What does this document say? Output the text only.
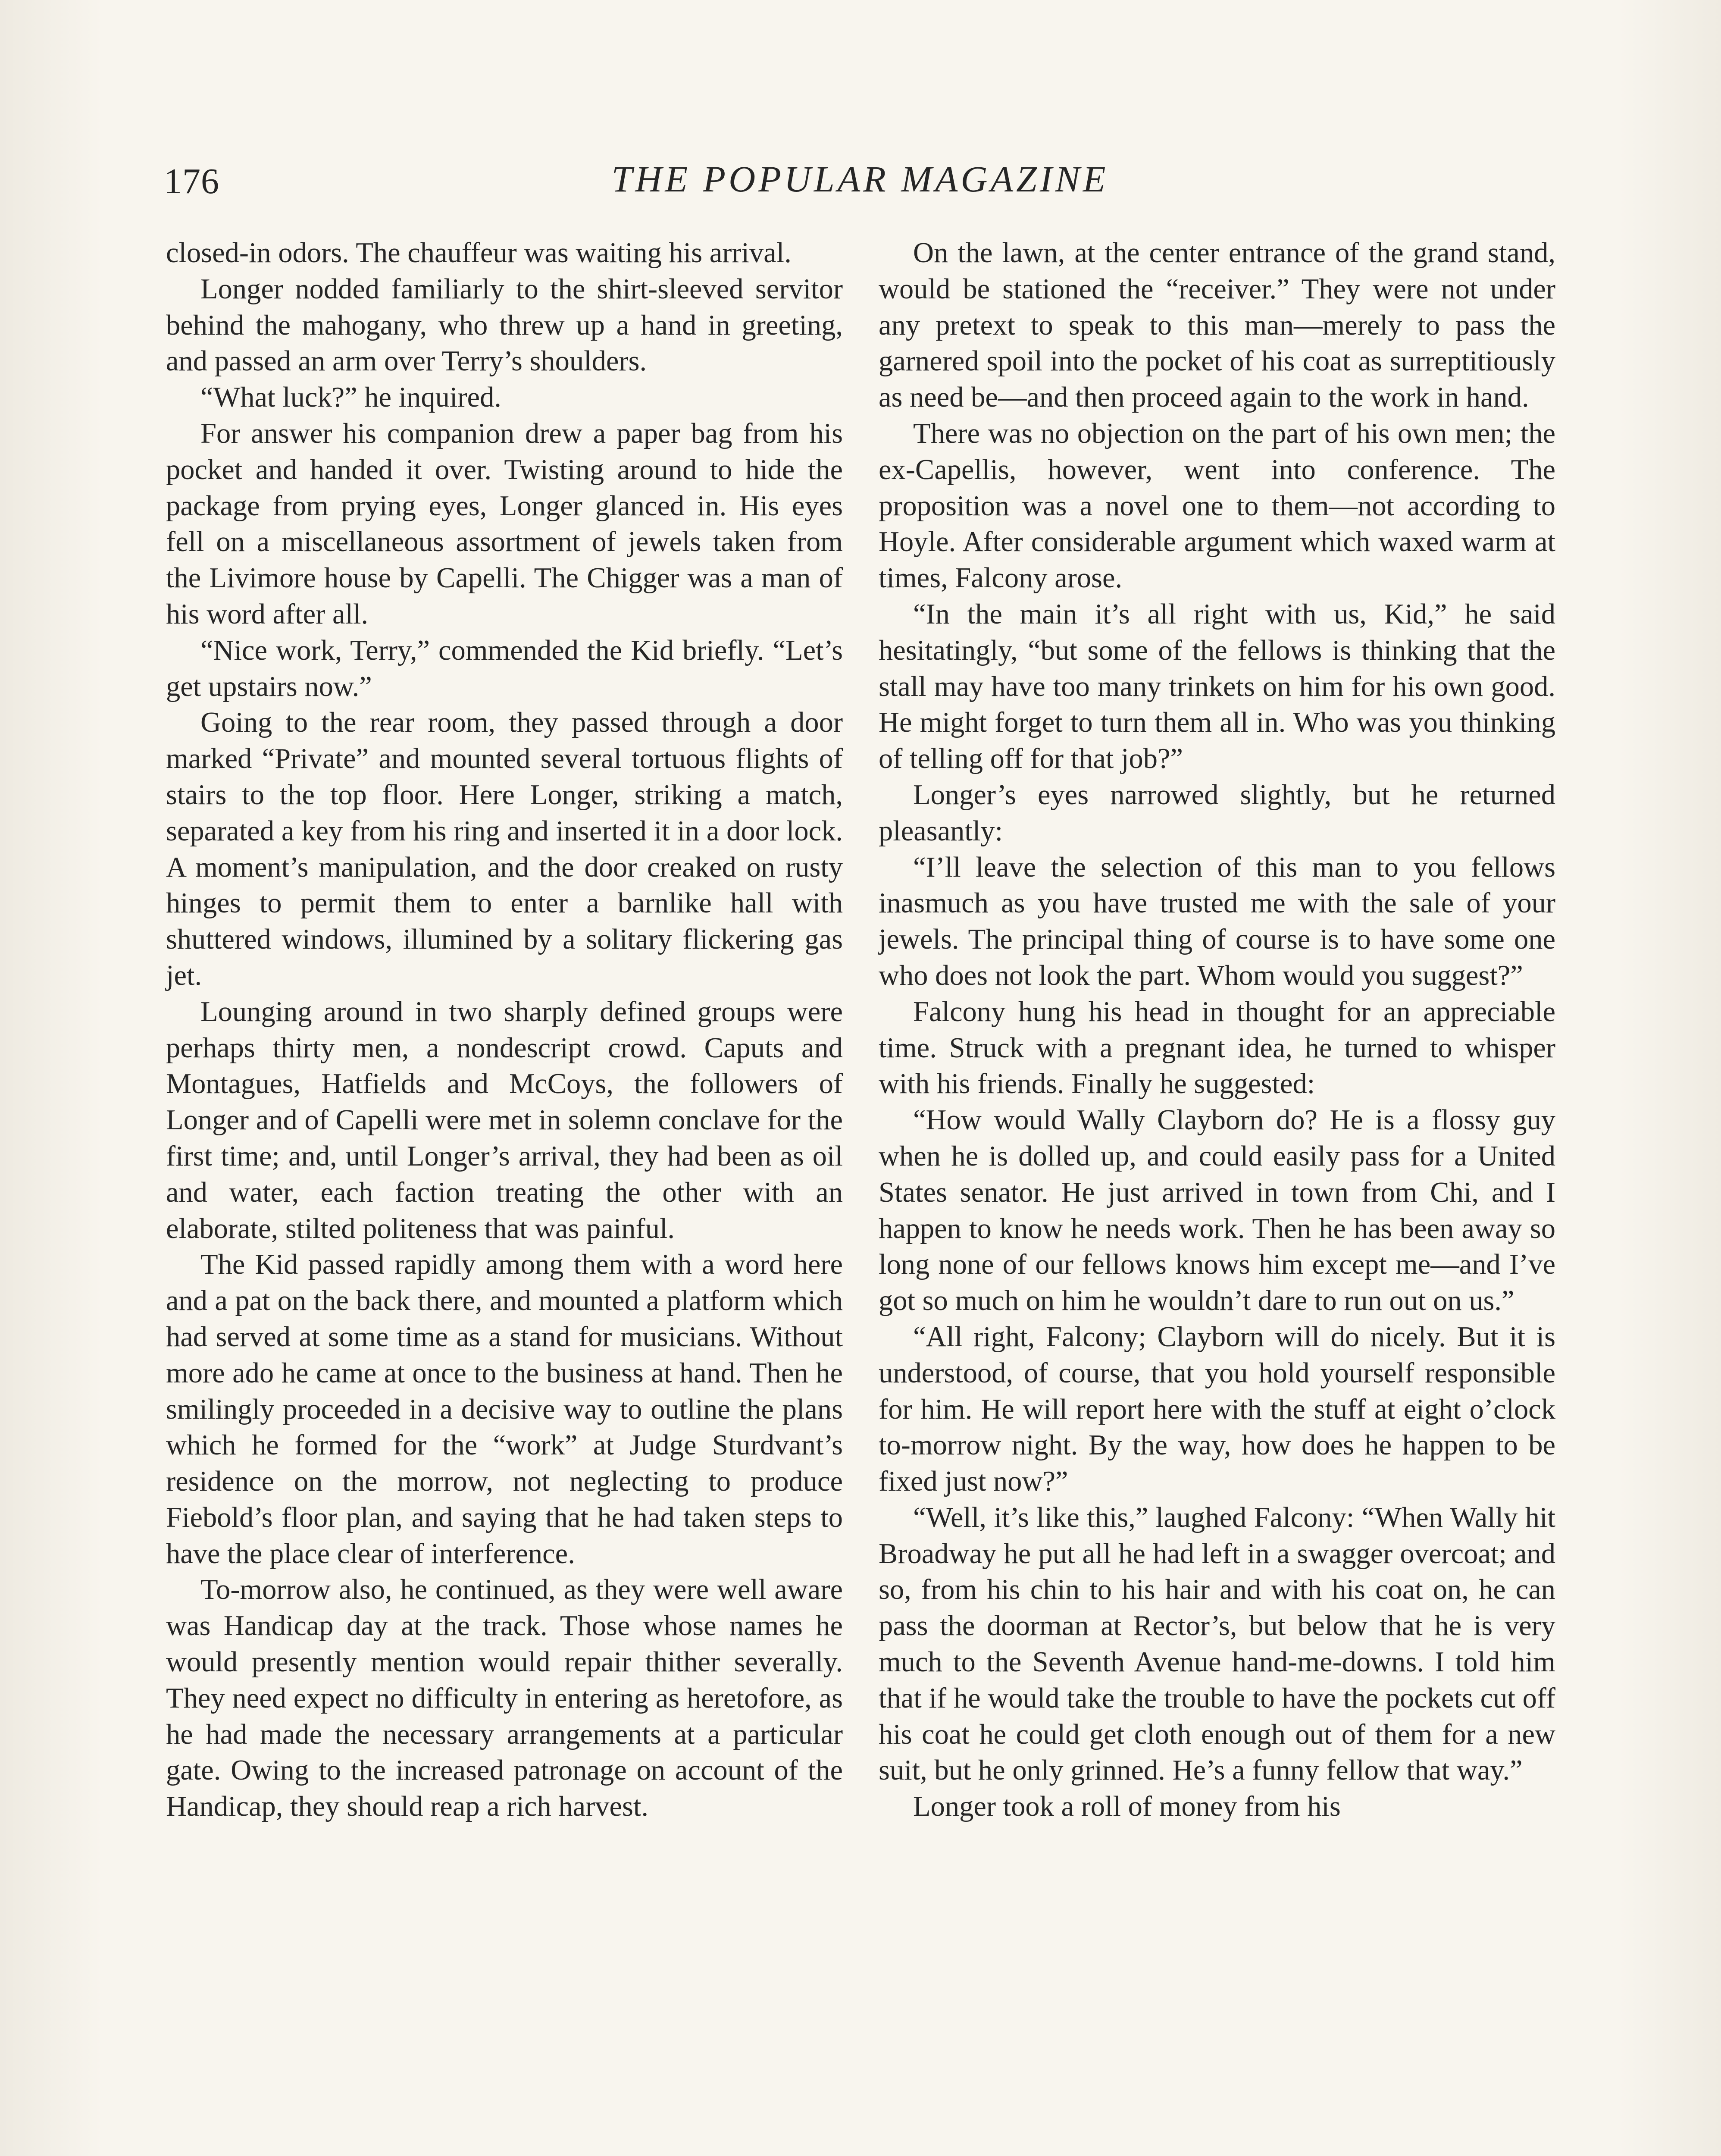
176	THE POPULAR MAGAZINE

closed-in odors. The chauffeur was waiting his arrival.

Longer nodded familiarly to the shirt-sleeved servitor behind the mahogany, who threw up a hand in greeting, and passed an arm over Terry’s shoulders.

“What luck?” he inquired.

For answer his companion drew a paper bag from his pocket and handed it over. Twisting around to hide the package from prying eyes, Longer glanced in. His eyes fell on a miscellaneous assortment of jewels taken from the Livimore house by Capelli. The Chigger was a man of his word after all.

“Nice work, Terry,” commended the Kid briefly. “Let’s get upstairs now.”

Going to the rear room, they passed through a door marked “Private” and mounted several tortuous flights of stairs to the top floor. Here Longer, striking a match, separated a key from his ring and inserted it in a door lock. A moment’s manipulation, and the door creaked on rusty hinges to permit them to enter a barnlike hall with shuttered windows, illumined by a solitary flickering gas jet.

Lounging around in two sharply defined groups were perhaps thirty men, a nondescript crowd. Caputs and Montagues, Hatfields and McCoys, the followers of Longer and of Capelli were met in solemn conclave for the first time; and, until Longer’s arrival, they had been as oil and water, each faction treating the other with an elaborate, stilted politeness that was painful.

The Kid passed rapidly among them with a word here and a pat on the back there, and mounted a platform which had served at some time as a stand for musicians. Without more ado he came at once to the business at hand. Then he smilingly proceeded in a decisive way to outline the plans which he formed for the “work” at Judge Sturdvant’s residence on the morrow, not neglecting to produce Fiebold’s floor plan, and saying that he had taken steps to have the place clear of interference.

To-morrow also, he continued, as they were well aware was Handicap day at the track. Those whose names he would presently mention would repair thither severally. They need expect no difficulty in entering as heretofore, as he had made the necessary arrangements at a particular gate. Owing to the increased patronage on account of the Handicap, they should reap a rich harvest.

On the lawn, at the center entrance of the grand stand, would be stationed the “receiver.” They were not under any pretext to speak to this man—merely to pass the garnered spoil into the pocket of his coat as surreptitiously as need be—and then proceed again to the work in hand.

There was no objection on the part of his own men; the ex-Capellis, however, went into conference. The proposition was a novel one to them—not according to Hoyle. After considerable argument which waxed warm at times, Falcony arose.

“In the main it’s all right with us, Kid,” he said hesitatingly, “but some of the fellows is thinking that the stall may have too many trinkets on him for his own good. He might forget to turn them all in. Who was you thinking of telling off for that job?”

Longer’s eyes narrowed slightly, but he returned pleasantly:

“I’ll leave the selection of this man to you fellows inasmuch as you have trusted me with the sale of your jewels. The principal thing of course is to have some one who does not look the part. Whom would you suggest?”

Falcony hung his head in thought for an appreciable time. Struck with a pregnant idea, he turned to whisper with his friends. Finally he suggested:

“How would Wally Clayborn do? He is a flossy guy when he is dolled up, and could easily pass for a United States senator. He just arrived in town from Chi, and I happen to know he needs work. Then he has been away so long none of our fellows knows him except me—and I’ve got so much on him he wouldn’t dare to run out on us.”

“All right, Falcony; Clayborn will do nicely. But it is understood, of course, that you hold yourself responsible for him. He will report here with the stuff at eight o’clock to-morrow night. By the way, how does he happen to be fixed just now?”

“Well, it’s like this,” laughed Falcony: “When Wally hit Broadway he put all he had left in a swagger overcoat; and so, from his chin to his hair and with his coat on, he can pass the doorman at Rector’s, but below that he is very much to the Seventh Avenue hand-me-downs. I told him that if he would take the trouble to have the pockets cut off his coat he could get cloth enough out of them for a new suit, but he only grinned. He’s a funny fellow that way.”

Longer took a roll of money from his
